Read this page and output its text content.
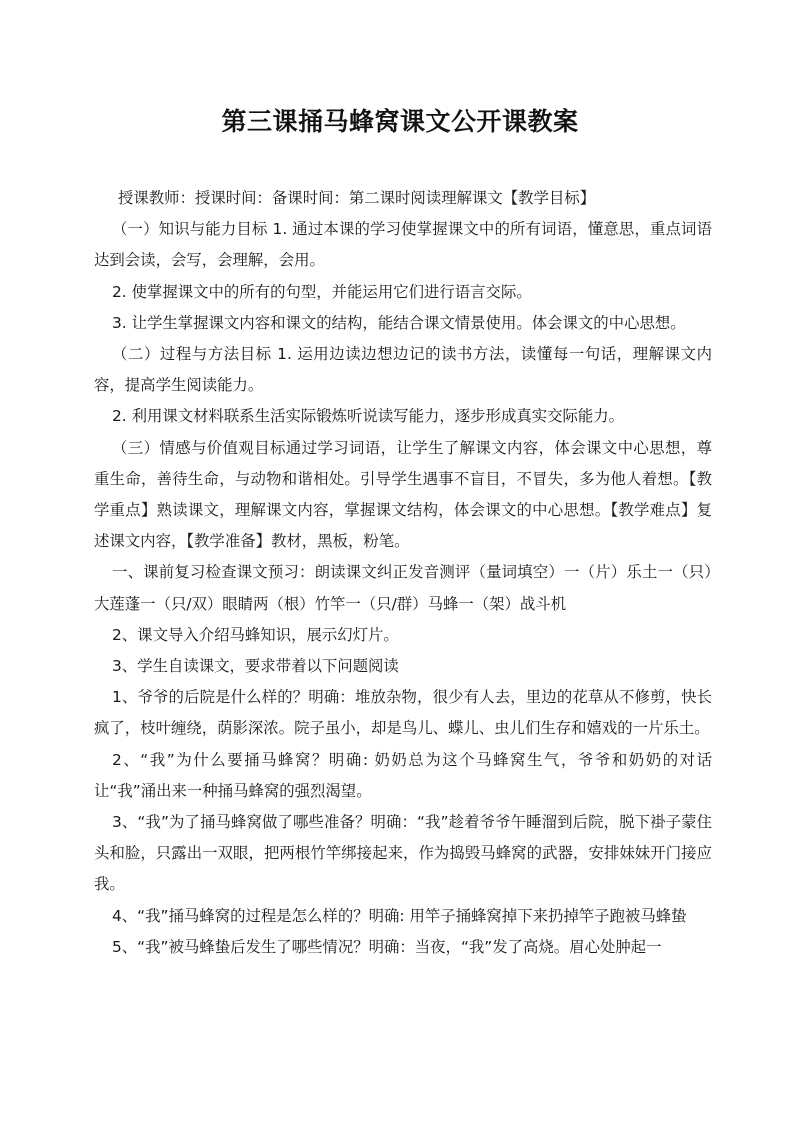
第三课捅马蜂窝课文公开课教案

授课教师：授课时间：备课时间：第二课时阅读理解课文【教学目标】

（一）知识与能力目标 1. 通过本课的学习使掌握课文中的所有词语，懂意思，重点词语达到会读，会写，会理解，会用。

2. 使掌握课文中的所有的句型，并能运用它们进行语言交际。

3. 让学生掌握课文内容和课文的结构，能结合课文情景使用。体会课文的中心思想。

（二）过程与方法目标 1. 运用边读边想边记的读书方法，读懂每一句话，理解课文内容，提高学生阅读能力。

2. 利用课文材料联系生活实际锻炼听说读写能力，逐步形成真实交际能力。

（三）情感与价值观目标通过学习词语，让学生了解课文内容，体会课文中心思想，尊重生命，善待生命，与动物和谐相处。引导学生遇事不盲目，不冒失，多为他人着想。【教学重点】熟读课文，理解课文内容，掌握课文结构，体会课文的中心思想。【教学难点】复述课文内容，【教学准备】教材，黑板，粉笔。

一、课前复习检查课文预习：朗读课文纠正发音测评（量词填空）一（片）乐土一（只）大莲蓬一（只/双）眼睛两（根）竹竿一（只/群）马蜂一（架）战斗机

2、课文导入介绍马蜂知识，展示幻灯片。

3、学生自读课文，要求带着以下问题阅读

1、爷爷的后院是什么样的？明确：堆放杂物，很少有人去，里边的花草从不修剪，快长疯了，枝叶缠绕，荫影深浓。院子虽小，却是鸟儿、蝶儿、虫儿们生存和嬉戏的一片乐土。

2、“我”为什么要捅马蜂窝？明确: 奶奶总为这个马蜂窝生气，爷爷和奶奶的对话让“我”涌出来一种捅马蜂窝的强烈渴望。

3、“我”为了捅马蜂窝做了哪些准备？明确：“我”趁着爷爷午睡溜到后院，脱下褂子蒙住头和脸，只露出一双眼，把两根竹竿绑接起来，作为捣毁马蜂窝的武器，安排妹妹开门接应我。

4、“我”捅马蜂窝的过程是怎么样的？明确: 用竿子捅蜂窝掉下来扔掉竿子跑被马蜂蛰

5、“我”被马蜂蛰后发生了哪些情况？明确：当夜，“我”发了高烧。眉心处肿起一
